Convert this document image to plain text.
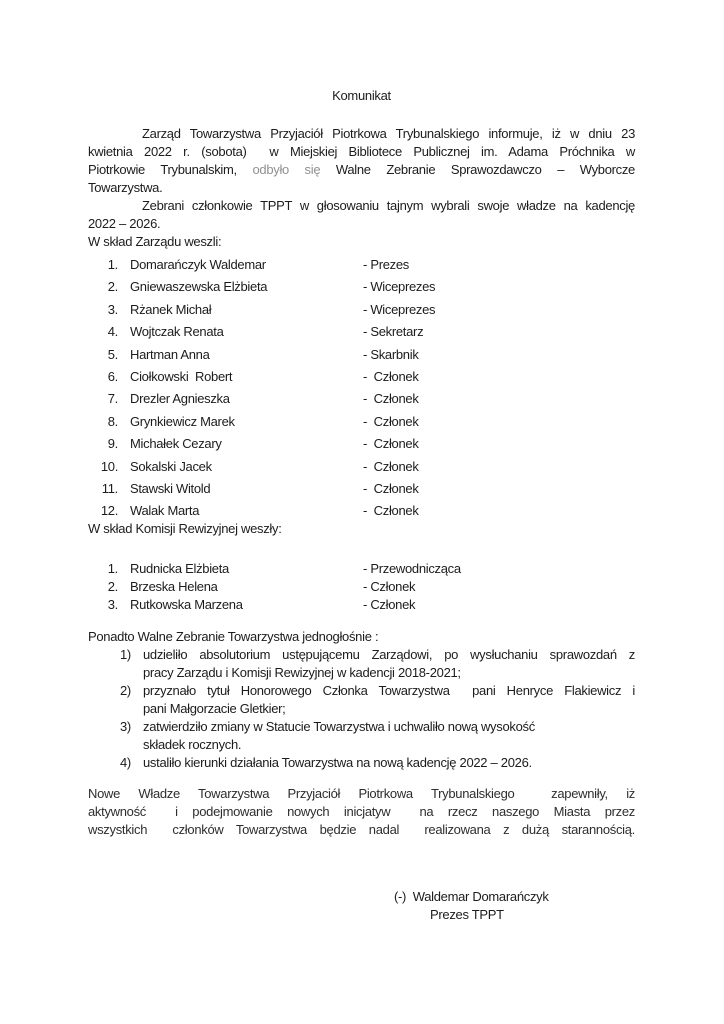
Komunikat
Zarząd Towarzystwa Przyjaciół Piotrkowa Trybunalskiego informuje, iż w dniu 23
kwietnia 2022 r. (sobota)  w Miejskiej Bibliotece Publicznej im. Adama Próchnika w
Piotrkowie Trybunalskim, odbyło się Walne Zebranie Sprawozdawczo – Wyborcze
Towarzystwa.
Zebrani członkowie TPPT w głosowaniu tajnym wybrali swoje władze na kadencję
2022 – 2026.
W skład Zarządu weszli:
1. Domarańczyk Waldemar	- Prezes
2. Gniewaszewska Elżbieta	- Wiceprezes
3. Rżanek Michał	- Wiceprezes
4. Wojtczak Renata	- Sekretarz
5. Hartman Anna	- Skarbnik
6. Ciołkowski  Robert	-  Członek
7. Drezler Agnieszka	-  Członek
8. Grynkiewicz Marek	-  Członek
9. Michałek Cezary	-  Członek
10. Sokalski Jacek	-  Członek
11. Stawski Witold	-  Członek
12. Walak Marta	-  Członek
W skład Komisji Rewizyjnej weszły:
1. Rudnicka Elżbieta	- Przewodnicząca
2. Brzeska Helena	- Członek
3. Rutkowska Marzena	- Członek
Ponadto Walne Zebranie Towarzystwa jednogłośnie :
1) udzieliło absolutorium ustępującemu Zarządowi, po wysłuchaniu sprawozdań z
pracy Zarządu i Komisji Rewizyjnej w kadencji 2018-2021;
2) przyznało tytuł Honorowego Członka Towarzystwa  pani Henryce Flakiewicz i
pani Małgorzacie Gletkier;
3) zatwierdziło zmiany w Statucie Towarzystwa i uchwaliło nową wysokość
składek rocznych.
4) ustaliło kierunki działania Towarzystwa na nową kadencję 2022 – 2026.
Nowe Władze Towarzystwa Przyjaciół Piotrkowa Trybunalskiego  zapewniły, iż
aktywność  i podejmowanie nowych inicjatyw  na rzecz naszego Miasta przez
wszystkich  członków Towarzystwa będzie nadal  realizowana z dużą starannością.
(-)  Waldemar Domarańczyk
Prezes TPPT
